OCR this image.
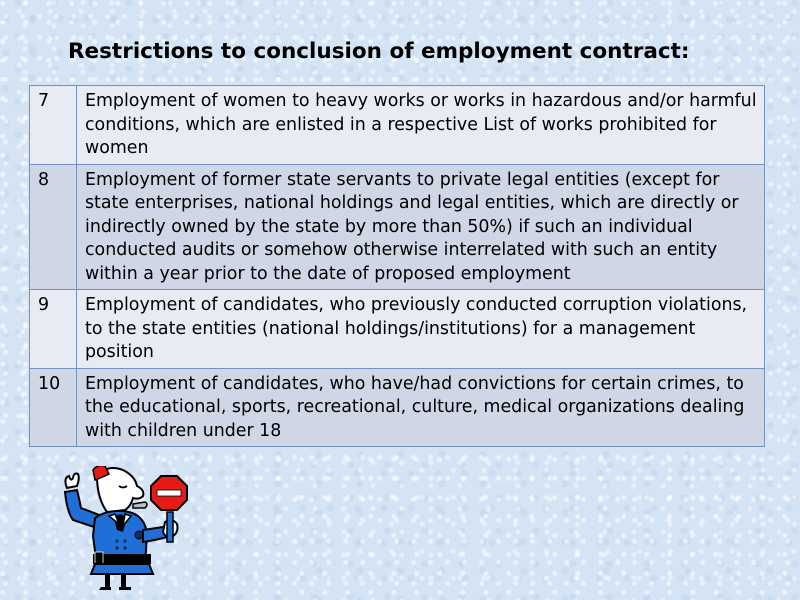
Restrictions to conclusion of employment contract:
7	Employment of women to heavy works or works in hazardous and/or harmful conditions, which are enlisted in a respective List of works prohibited for women
8	Employment of former state servants to private legal entities (except for state enterprises, national holdings and legal entities, which are directly or indirectly owned by the state by more than 50%) if such an individual conducted audits or somehow otherwise interrelated with such an entity within a year prior to the date of proposed employment
9	Employment of candidates, who previously conducted corruption violations, to the state entities (national holdings/institutions) for a management position
10	Employment of candidates, who have/had convictions for certain crimes, to the educational, sports, recreational, culture, medical organizations dealing with children under 18
